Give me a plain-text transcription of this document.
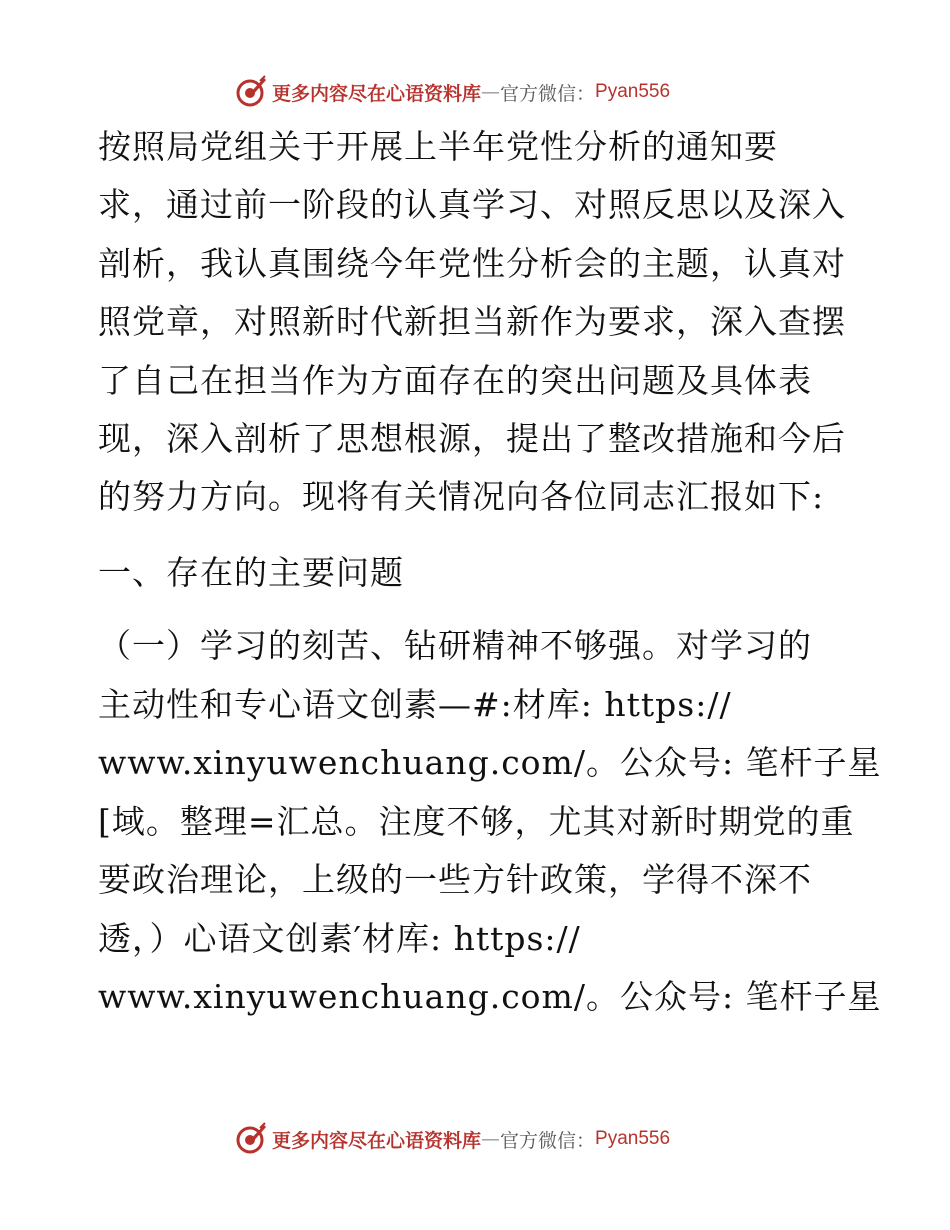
更多内容尽在心语资料库 — 官方微信： Pyan556
按照局党组关于开展上半年党性分析的通知要
求，通过前一阶段的认真学习、对照反思以及深入
剖析，我认真围绕今年党性分析会的主题，认真对
照党章，对照新时代新担当新作为要求，深入查摆
了自己在担当作为方面存在的突出问题及具体表
现，深入剖析了思想根源，提出了整改措施和今后
的努力方向。现将有关情况向各位同志汇报如下:
一、存在的主要问题
（一）学习的刻苦、钻研精神不够强。对学习的
主动性和专心语文创素—#:材库: https://
www.xinyuwenchuang.com/。公众号: 笔杆子星
[域。整理=汇总。注度不够，尤其对新时期党的重
要政治理论，上级的一些方针政策，学得不深不
透，）心语文创素′材库: https://
www.xinyuwenchuang.com/。公众号: 笔杆子星
更多内容尽在心语资料库 — 官方微信： Pyan556
